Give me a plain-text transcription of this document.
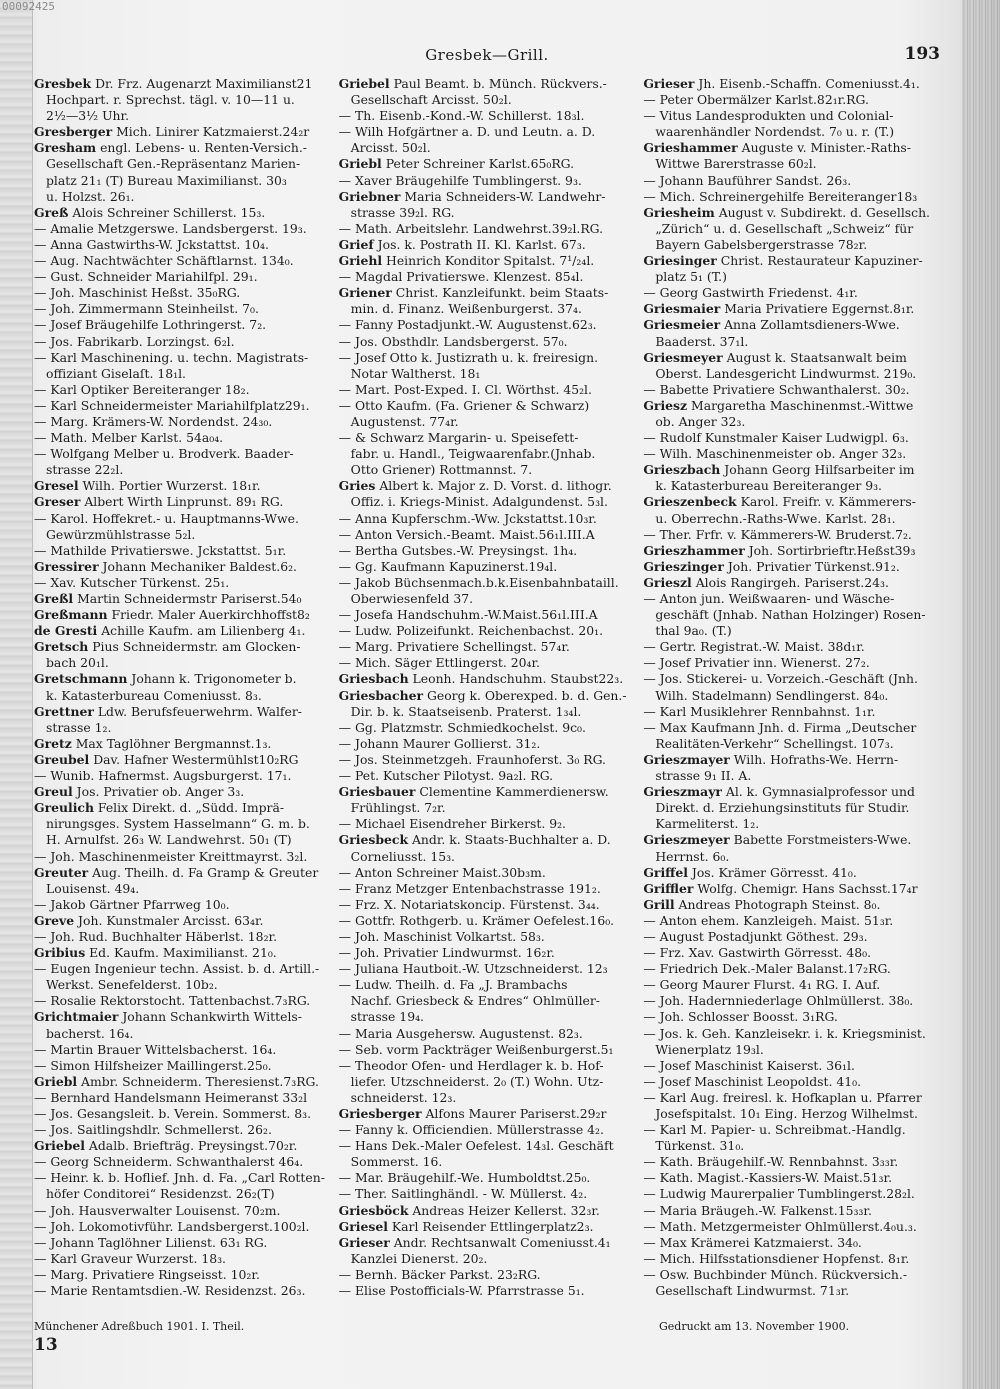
00092425
Gresbek—Grill.	193
Gresbek Dr. Frz. Augenarzt Maximilianst21
Hochpart. r. Sprechst. tägl. v. 10—11 u.
2½—3½ Uhr.
Gresberger Mich. Linirer Katzmaierst.24₂r
Gresham engl. Lebens- u. Renten-Versich.-
Gesellschaft Gen.-Repräsentanz Marien-
platz 21₁ (T) Bureau Maximilianst. 30₃
u. Holzst. 26₁.
Greß Alois Schreiner Schillerst. 15₃.
— Amalie Metzgerswe. Landsbergerst. 19₃.
— Anna Gastwirths-W. Jckstattst. 10₄.
— Aug. Nachtwächter Schäftlarnst. 134₀.
— Gust. Schneider Mariahilfpl. 29₁.
— Joh. Maschinist Heßst. 35₀RG.
— Joh. Zimmermann Steinheilst. 7₀.
— Josef Bräugehilfe Lothringerst. 7₂.
— Jos. Fabrikarb. Lorzingst. 6₂l.
— Karl Maschinening. u. techn. Magistrats-
offiziant Giselaſt. 18₁l.
— Karl Optiker Bereiteranger 18₂.
— Karl Schneidermeister Mariahilfplatz29₁.
— Marg. Krämers-W. Nordendst. 24₃₀.
— Math. Melber Karlst. 54a₀₄.
— Wolfgang Melber u. Brodverk. Baader-
strasse 22₂l.
Gresel Wilh. Portier Wurzerst. 18₁r.
Greser Albert Wirth Linprunst. 89₁ RG.
— Karol. Hoffekret.- u. Hauptmanns-Wwe.
Gewürzmühlstrasse 5₂l.
— Mathilde Privatierswe. Jckstattst. 5₁r.
Gressirer Johann Mechaniker Baldest.6₂.
— Xav. Kutscher Türkenst. 25₁.
Greßl Martin Schneidermstr Pariserst.54₀
Greßmann Friedr. Maler Auerkirchhoffst8₂
de Gresti Achille Kaufm. am Lilienberg 4₁.
Gretsch Pius Schneidermstr. am Glocken-
bach 20₁l.
Gretschmann Johann k. Trigonometer b.
k. Katasterbureau Comeniusst. 8₃.
Grettner Ldw. Berufsfeuerwehrm. Walfer-
strasse 1₂.
Gretz Max Taglöhner Bergmannst.1₃.
Greubel Dav. Hafner Westermühlst10₂RG
— Wunib. Hafnermst. Augsburgerst. 17₁.
Greul Jos. Privatier ob. Anger 3₃.
Greulich Felix Direkt. d. „Südd. Imprä-
nirungsges. System Hasselmann“ G. m. b.
H. Arnulfst. 26₃ W. Landwehrst. 50₁ (T)
— Joh. Maschinenmeister Kreittmayrst. 3₂l.
Greuter Aug. Theilh. d. Fa Gramp & Greuter
Louisenst. 49₄.
— Jakob Gärtner Pfarrweg 10₀.
Greve Joh. Kunstmaler Arcisst. 63₄r.
— Joh. Rud. Buchhalter Häberlst. 18₂r.
Gribius Ed. Kaufm. Maximilianst. 21₀.
— Eugen Ingenieur techn. Assist. b. d. Artill.-
Werkst. Senefelderst. 10b₂.
— Rosalie Rektorstocht. Tattenbachst.7₃RG.
Grichtmaier Johann Schankwirth Wittels-
bacherst. 16₄.
— Martin Brauer Wittelsbacherst. 16₄.
— Simon Hilfsheizer Maillingerst.25₀.
Griebl Ambr. Schneiderm. Theresienst.7₃RG.
— Bernhard Handelsmann Heimeranst 33₂l
— Jos. Gesangsleit. b. Verein. Sommerst. 8₃.
— Jos. Saitlingshdlr. Schmellerst. 26₂.
Griebel Adalb. Briefträg. Preysingst.70₂r.
— Georg Schneiderm. Schwanthalerst 46₄.
— Heinr. k. b. Hoflief. Jnh. d. Fa. „Carl Rotten-
höfer Conditorei“ Residenzst. 26₂(T)
— Joh. Hausverwalter Louisenst. 70₂m.
— Joh. Lokomotivführ. Landsbergerst.100₂l.
— Johann Taglöhner Lilienst. 63₁ RG.
— Karl Graveur Wurzerst. 18₃.
— Marg. Privatiere Ringseisst. 10₂r.
— Marie Rentamtsdien.-W. Residenzst. 26₃.
Griebel Paul Beamt. b. Münch. Rückvers.-
Gesellschaft Arcisst. 50₂l.
— Th. Eisenb.-Kond.-W. Schillerst. 18₃l.
— Wilh Hofgärtner a. D. und Leutn. a. D.
Arcisst. 50₂l.
Griebl Peter Schreiner Karlst.65₀RG.
— Xaver Bräugehilfe Tumblingerst. 9₃.
Griebner Maria Schneiders-W. Landwehr-
strasse 39₂l. RG.
— Math. Arbeitslehr. Landwehrst.39₂l.RG.
Grief Jos. k. Postrath II. Kl. Karlst. 67₃.
Griehl Heinrich Konditor Spitalst. 7¹/₂₄l.
— Magdal Privatierswe. Klenzest. 85₄l.
Griener Christ. Kanzleifunkt. beim Staats-
min. d. Finanz. Weißenburgerst. 37₄.
— Fanny Postadjunkt.-W. Augustenst.62₃.
— Jos. Obsthdlr. Landsbergerst. 57₀.
— Josef Otto k. Justizrath u. k. freiresign.
Notar Waltherst. 18₁
— Mart. Post-Exped. I. Cl. Wörthst. 45₂l.
— Otto Kaufm. (Fa. Griener & Schwarz)
Augustenst. 77₄r.
— & Schwarz Margarin- u. Speisefett-
fabr. u. Handl., Teigwaarenfabr.(Jnhab.
Otto Griener) Rottmannst. 7.
Gries Albert k. Major z. D. Vorst. d. lithogr.
Offiz. i. Kriegs-Minist. Adalgundenst. 5₃l.
— Anna Kupferschm.-Ww. Jckstattst.10₃r.
— Anton Versich.-Beamt. Maist.56₁l.III.A
— Bertha Gutsbes.-W. Preysingst. 1h₄.
— Gg. Kaufmann Kapuzinerst.19₄l.
— Jakob Büchsenmach.b.k.Eisenbahnbataill.
Oberwiesenfeld 37.
— Josefa Handschuhm.-W.Maist.56₁l.III.A
— Ludw. Polizeifunkt. Reichenbachst. 20₁.
— Marg. Privatiere Schellingst. 57₄r.
— Mich. Säger Ettlingerst. 20₄r.
Griesbach Leonh. Handschuhm. Staubst22₃.
Griesbacher Georg k. Oberexped. b. d. Gen.-
Dir. b. k. Staatseisenb. Praterst. 1₃₄l.
— Gg. Platzmstr. Schmiedkochelst. 9c₀.
— Johann Maurer Gollierst. 31₂.
— Jos. Steinmetzgeh. Fraunhoferst. 3₀ RG.
— Pet. Kutscher Pilotyst. 9a₂l. RG.
Griesbauer Clementine Kammerdienersw.
Frühlingst. 7₂r.
— Michael Eisendreher Birkerst. 9₂.
Griesbeck Andr. k. Staats-Buchhalter a. D.
Corneliusst. 15₃.
— Anton Schreiner Maist.30b₃m.
— Franz Metzger Entenbachstrasse 191₂.
— Frz. X. Notariatskoncip. Fürstenst. 3₄₄.
— Gottfr. Rothgerb. u. Krämer Oefelest.16₀.
— Joh. Maschinist Volkartst. 58₃.
— Joh. Privatier Lindwurmst. 16₂r.
— Juliana Hautboit.-W. Utzschneiderst. 12₃
— Ludw. Theilh. d. Fa „J. Brambachs
Nachf. Griesbeck & Endres“ Ohlmüller-
strasse 19₄.
— Maria Ausgehersw. Augustenst. 82₃.
— Seb. vorm Packträger Weißenburgerst.5₁
— Theodor Ofen- und Herdlager k. b. Hof-
liefer. Utzschneiderst. 2₀ (T.) Wohn. Utz-
schneiderst. 12₃.
Griesberger Alfons Maurer Pariserst.29₂r
— Fanny k. Officiendien. Müllerstrasse 4₂.
— Hans Dek.-Maler Oefelest. 14₃l. Geschäft
Sommerst. 16.
— Mar. Bräugehilf.-We. Humboldtst.25₀.
— Ther. Saitlinghändl. - W. Müllerst. 4₂.
Griesböck Andreas Heizer Kellerst. 32₃r.
Griesel Karl Reisender Ettlingerplatz2₃.
Grieser Andr. Rechtsanwalt Comeniusst.4₁
Kanzlei Dienerst. 20₂.
— Bernh. Bäcker Parkst. 23₂RG.
— Elise Postofficials-W. Pfarrstrasse 5₁.
Grieser Jh. Eisenb.-Schaffn. Comeniusst.4₁.
— Peter Obermälzer Karlst.82₁r.RG.
— Vitus Landesprodukten und Colonial-
waarenhändler Nordendst. 7₀ u. r. (T.)
Grieshammer Auguste v. Minister.-Raths-
Wittwe Barerstrasse 60₂l.
— Johann Bauführer Sandst. 26₃.
— Mich. Schreinergehilfe Bereiteranger18₃
Griesheim August v. Subdirekt. d. Gesellsch.
„Zürich“ u. d. Gesellschaft „Schweiz“ für
Bayern Gabelsbergerstrasse 78₂r.
Griesinger Christ. Restaurateur Kapuziner-
platz 5₁ (T.)
— Georg Gastwirth Friedenst. 4₁r.
Griesmaier Maria Privatiere Eggernst.8₁r.
Griesmeier Anna Zollamtsdieners-Wwe.
Baaderst. 37₁l.
Griesmeyer August k. Staatsanwalt beim
Oberst. Landesgericht Lindwurmst. 219₀.
— Babette Privatiere Schwanthalerst. 30₂.
Griesz Margaretha Maschinenmst.-Wittwe
ob. Anger 32₃.
— Rudolf Kunstmaler Kaiser Ludwigpl. 6₃.
— Wilh. Maschinenmeister ob. Anger 32₃.
Grieszbach Johann Georg Hilfsarbeiter im
k. Katasterbureau Bereiteranger 9₃.
Grieszenbeck Karol. Freifr. v. Kämmerers-
u. Oberrechn.-Raths-Wwe. Karlst. 28₁.
— Ther. Frfr. v. Kämmerers-W. Bruderst.7₂.
Grieszhammer Joh. Sortirbrieftr.Heßst39₃
Grieszinger Joh. Privatier Türkenst.91₂.
Grieszl Alois Rangirgeh. Pariserst.24₃.
— Anton jun. Weißwaaren- und Wäsche-
geschäft (Jnhab. Nathan Holzinger) Rosen-
thal 9a₀. (T.)
— Gertr. Registrat.-W. Maist. 38d₁r.
— Josef Privatier inn. Wienerst. 27₂.
— Jos. Stickerei- u. Vorzeich.-Geschäft (Jnh.
Wilh. Stadelmann) Sendlingerst. 84₀.
— Karl Musiklehrer Rennbahnst. 1₁r.
— Max Kaufmann Jnh. d. Firma „Deutscher
Realitäten-Verkehr“ Schellingst. 107₃.
Grieszmayer Wilh. Hofraths-We. Herrn-
strasse 9₁ II. A.
Grieszmayr Al. k. Gymnasialprofessor und
Direkt. d. Erziehungsinstituts für Studir.
Karmeliterst. 1₂.
Grieszmeyer Babette Forstmeisters-Wwe.
Herrnst. 6₀.
Griffel Jos. Krämer Görresst. 41₀.
Griffler Wolfg. Chemigr. Hans Sachsst.17₄r
Grill Andreas Photograph Steinst. 8₀.
— Anton ehem. Kanzleigeh. Maist. 51₃r.
— August Postadjunkt Göthest. 29₃.
— Frz. Xav. Gastwirth Görresst. 48₀.
— Friedrich Dek.-Maler Balanst.17₂RG.
— Georg Maurer Flurst. 4₁ RG. I. Auf.
— Joh. Hadernniederlage Ohlmüllerst. 38₀.
— Joh. Schlosser Boosst. 3₁RG.
— Jos. k. Geh. Kanzleisekr. i. k. Kriegsminist.
Wienerplatz 19₃l.
— Josef Maschinist Kaiserst. 36₁l.
— Josef Maschinist Leopoldst. 41₀.
— Karl Aug. freiresl. k. Hofkaplan u. Pfarrer
Josefspitalst. 10₁ Eing. Herzog Wilhelmst.
— Karl M. Papier- u. Schreibmat.-Handlg.
Türkenst. 31₀.
— Kath. Bräugehilf.-W. Rennbahnst. 3₃₃r.
— Kath. Magist.-Kassiers-W. Maist.51₃r.
— Ludwig Maurerpalier Tumblingerst.28₂l.
— Maria Bräugeh.-W. Falkenst.15₃₃r.
— Math. Metzgermeister Ohlmüllerst.4₀u.₃.
— Max Krämerei Katzmaierst. 34₀.
— Mich. Hilfsstationsdiener Hopfenst. 8₁r.
— Osw. Buchbinder Münch. Rückversich.-
Gesellschaft Lindwurmst. 71₃r.
Münchener Adreßbuch 1901. I. Theil.	Gedruckt am 13. November 1900.
13
